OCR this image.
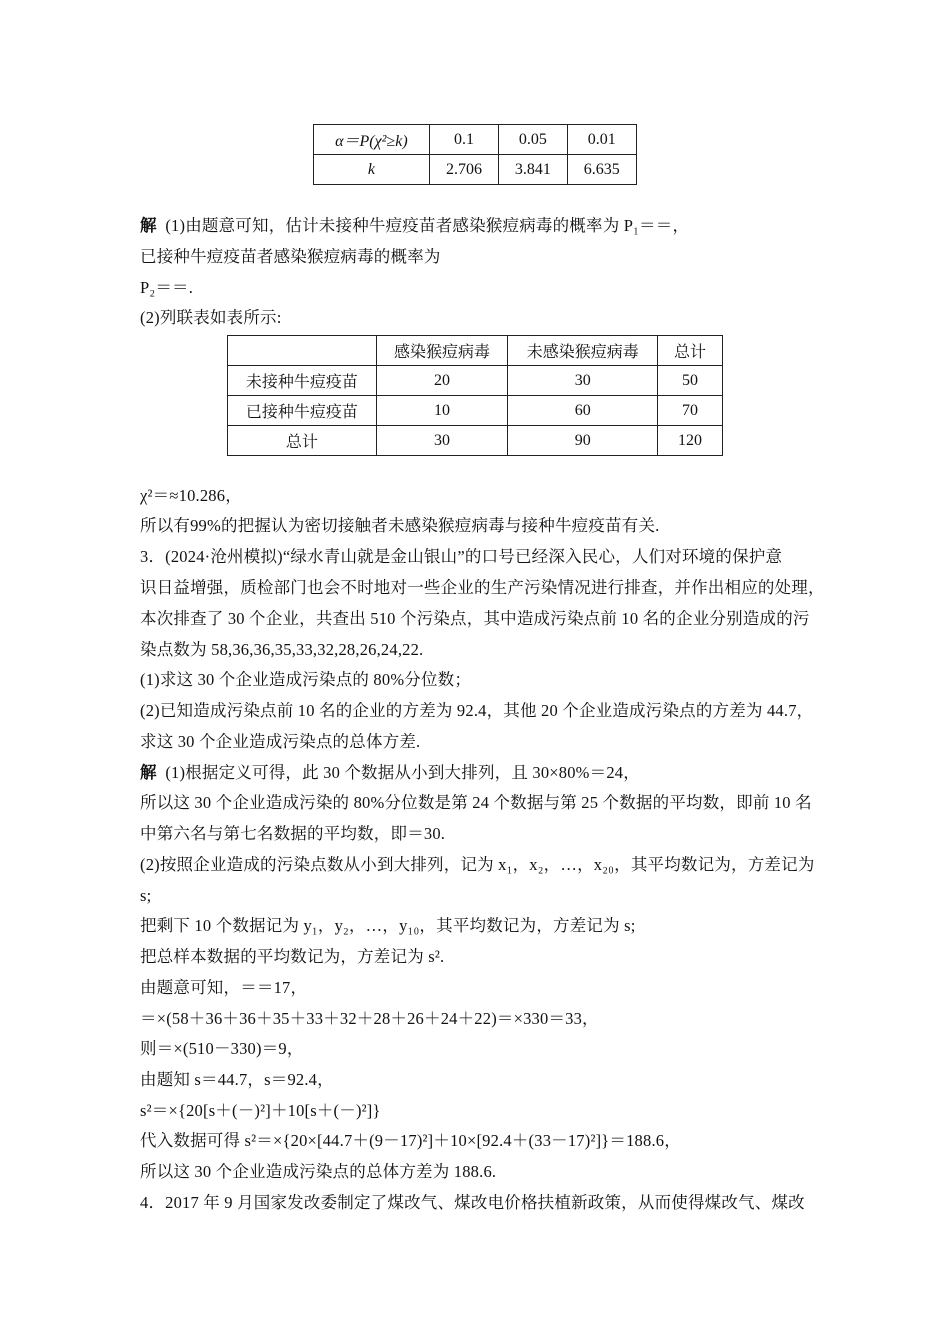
α＝P(χ²≥k)	0.1	0.05	0.01
k	2.706	3.841	6.635
解 (1)由题意可知，估计未接种牛痘疫苗者感染猴痘病毒的概率为 P₁＝＝，
已接种牛痘疫苗者感染猴痘病毒的概率为
P₂＝＝.
(2)列联表如表所示:
	感染猴痘病毒	未感染猴痘病毒	总计
未接种牛痘疫苗	20	30	50
已接种牛痘疫苗	10	60	70
总计	30	90	120
χ²＝≈10.286，
所以有99%的把握认为密切接触者未感染猴痘病毒与接种牛痘疫苗有关.
3．(2024·沧州模拟)“绿水青山就是金山银山”的口号已经深入民心，人们对环境的保护意
识日益增强，质检部门也会不时地对一些企业的生产污染情况进行排查，并作出相应的处理，
本次排查了 30 个企业，共查出 510 个污染点，其中造成污染点前 10 名的企业分别造成的污
染点数为 58,36,36,35,33,32,28,26,24,22.
(1)求这 30 个企业造成污染点的 80%分位数；
(2)已知造成污染点前 10 名的企业的方差为 92.4，其他 20 个企业造成污染点的方差为 44.7，
求这 30 个企业造成污染点的总体方差.
解 (1)根据定义可得，此 30 个数据从小到大排列，且 30×80%＝24，
所以这 30 个企业造成污染的 80%分位数是第 24 个数据与第 25 个数据的平均数，即前 10 名
中第六名与第七名数据的平均数，即＝30.
(2)按照企业造成的污染点数从小到大排列，记为 x₁，x₂，…，x₂₀，其平均数记为，方差记为
s;
把剩下 10 个数据记为 y₁，y₂，…，y₁₀，其平均数记为，方差记为 s;
把总样本数据的平均数记为，方差记为 s².
由题意可知，＝＝17，
＝×(58＋36＋36＋35＋33＋32＋28＋26＋24＋22)＝×330＝33，
则＝×(510－330)＝9，
由题知 s＝44.7，s＝92.4，
s²＝×{20[s＋(－)²]＋10[s＋(－)²]}
代入数据可得 s²＝×{20×[44.7＋(9－17)²]＋10×[92.4＋(33－17)²]}＝188.6，
所以这 30 个企业造成污染点的总体方差为 188.6.
4．2017 年 9 月国家发改委制定了煤改气、煤改电价格扶植新政策，从而使得煤改气、煤改
